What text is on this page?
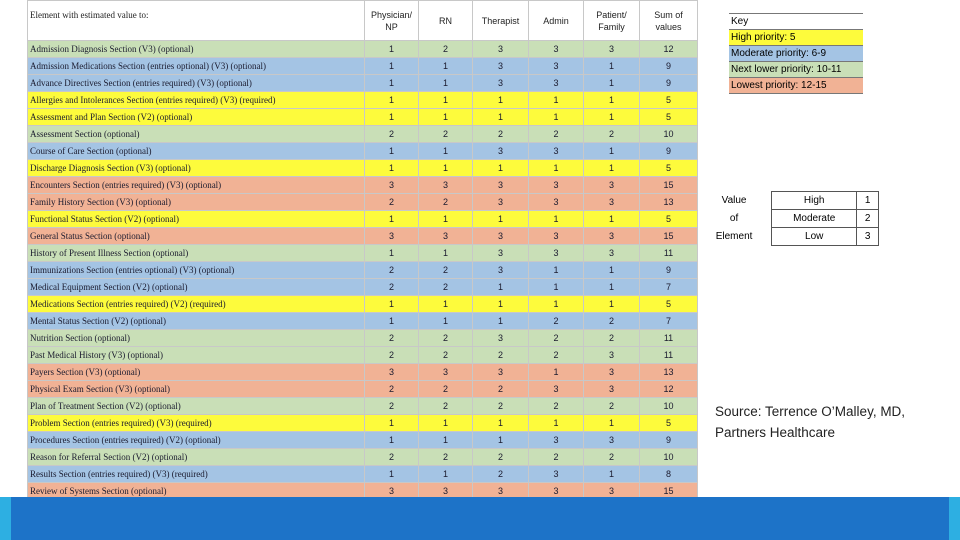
Element with estimated value to:	Physician/ NP	RN	Therapist	Admin	Patient/ Family	Sum of values
Admission Diagnosis Section (V3) (optional)	1	2	3	3	3	12
Admission Medications Section (entries optional) (V3) (optional)	1	1	3	3	1	9
Advance Directives Section (entries required) (V3) (optional)	1	1	3	3	1	9
Allergies and Intolerances Section (entries required) (V3) (required)	1	1	1	1	1	5
Assessment and Plan Section (V2) (optional)	1	1	1	1	1	5
Assessment Section (optional)	2	2	2	2	2	10
Course of Care Section (optional)	1	1	3	3	1	9
Discharge Diagnosis Section (V3) (optional)	1	1	1	1	1	5
Encounters Section (entries required) (V3) (optional)	3	3	3	3	3	15
Family History Section (V3) (optional)	2	2	3	3	3	13
Functional Status Section (V2) (optional)	1	1	1	1	1	5
General Status Section (optional)	3	3	3	3	3	15
History of Present Illness Section (optional)	1	1	3	3	3	11
Immunizations Section (entries optional) (V3) (optional)	2	2	3	1	1	9
Medical Equipment Section (V2) (optional)	2	2	1	1	1	7
Medications Section (entries required) (V2) (required)	1	1	1	1	1	5
Mental Status Section (V2) (optional)	1	1	1	2	2	7
Nutrition Section (optional)	2	2	3	2	2	11
Past Medical History (V3) (optional)	2	2	2	2	3	11
Payers Section (V3) (optional)	3	3	3	1	3	13
Physical Exam Section (V3) (optional)	2	2	2	3	3	12
Plan of Treatment Section (V2) (optional)	2	2	2	2	2	10
Problem Section (entries required) (V3) (required)	1	1	1	1	1	5
Procedures Section (entries required) (V2) (optional)	1	1	1	3	3	9
Reason for Referral Section (V2) (optional)	2	2	2	2	2	10
Results Section (entries required) (V3) (required)	1	1	2	3	1	8
Review of Systems Section (optional)	3	3	3	3	3	15

Key
High priority: 5
Moderate priority: 6-9
Next lower priority: 10-11
Lowest priority: 12-15
Value	High	1
of	Moderate	2
Element	Low	3
Source: Terrence O’Malley, MD,
Partners Healthcare
